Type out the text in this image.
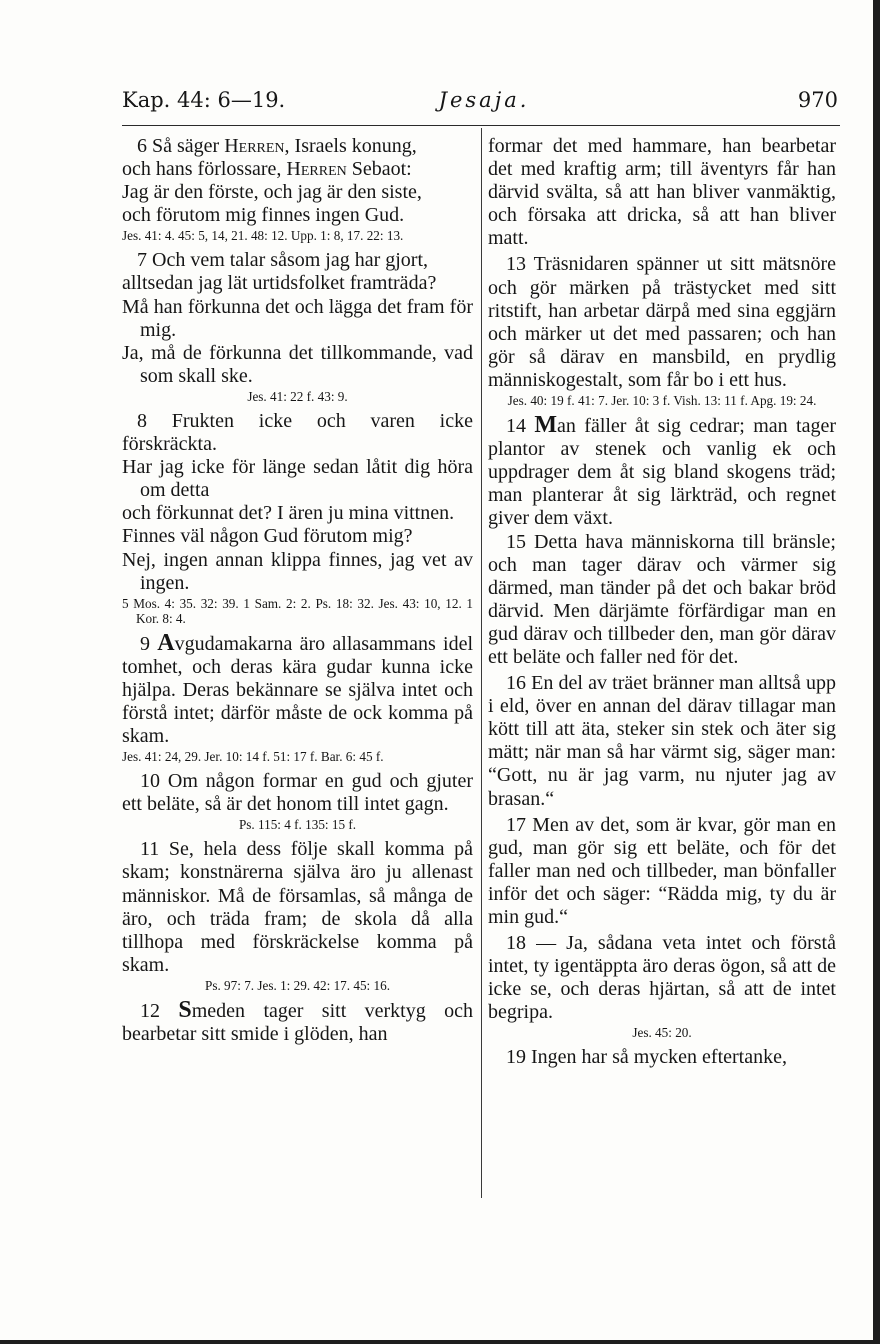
Kap. 44: 6—19.	Jesaja.	970
6 Så säger Herren, Israels konung,
och hans förlossare, Herren Sebaot:
Jag är den förste, och jag är den siste,
och förutom mig finnes ingen Gud.
Jes. 41: 4. 45: 5, 14, 21. 48: 12. Upp. 1: 8, 17. 22: 13.
7 Och vem talar såsom jag har gjort,
alltsedan jag lät urtidsfolket framträda?
Må han förkunna det och lägga det fram för mig.
Ja, må de förkunna det tillkommande, vad som skall ske.
Jes. 41: 22 f. 43: 9.
8 Frukten icke och varen icke förskräckta.
Har jag icke för länge sedan låtit dig höra om detta
och förkunnat det? I ären ju mina vittnen.
Finnes väl någon Gud förutom mig?
Nej, ingen annan klippa finnes, jag vet av ingen.
5 Mos. 4: 35. 32: 39. 1 Sam. 2: 2. Ps. 18: 32. Jes. 43: 10, 12. 1 Kor. 8: 4.

9 Avgudamakarna äro allasammans idel tomhet, och deras kära gudar kunna icke hjälpa. Deras bekännare se själva intet och förstå intet; därför måste de ock komma på skam.

Jes. 41: 24, 29. Jer. 10: 14 f. 51: 17 f. Bar. 6: 45 f.

10 Om någon formar en gud och gjuter ett beläte, så är det honom till intet gagn.

Ps. 115: 4 f. 135: 15 f.

11 Se, hela dess följe skall komma på skam; konstnärerna själva äro ju allenast människor. Må de församlas, så många de äro, och träda fram; de skola då alla tillhopa med förskräckelse komma på skam.

Ps. 97: 7. Jes. 1: 29. 42: 17. 45: 16.

12 Smeden tager sitt verktyg och bearbetar sitt smide i glöden, han

formar det med hammare, han bearbetar det med kraftig arm; till äventyrs får han därvid svälta, så att han bliver vanmäktig, och försaka att dricka, så att han bliver matt.

13 Träsnidaren spänner ut sitt mätsnöre och gör märken på trästycket med sitt ritstift, han arbetar därpå med sina eggjärn och märker ut det med passaren; och han gör så därav en mansbild, en prydlig människogestalt, som får bo i ett hus.

Jes. 40: 19 f. 41: 7. Jer. 10: 3 f. Vish. 13: 11 f. Apg. 19: 24.

14 Man fäller åt sig cedrar; man tager plantor av stenek och vanlig ek och uppdrager dem åt sig bland skogens träd; man planterar åt sig lärkträd, och regnet giver dem växt.

15 Detta hava människorna till bränsle; och man tager därav och värmer sig därmed, man tänder på det och bakar bröd därvid. Men därjämte förfärdigar man en gud därav och tillbeder den, man gör därav ett beläte och faller ned för det.

16 En del av träet bränner man alltså upp i eld, över en annan del därav tillagar man kött till att äta, steker sin stek och äter sig mätt; när man så har värmt sig, säger man: “Gott, nu är jag varm, nu njuter jag av brasan.“

17 Men av det, som är kvar, gör man en gud, man gör sig ett beläte, och för det faller man ned och tillbeder, man bönfaller inför det och säger: “Rädda mig, ty du är min gud.“

18 — Ja, sådana veta intet och förstå intet, ty igentäppta äro deras ögon, så att de icke se, och deras hjärtan, så att de intet begripa.

Jes. 45: 20.

19 Ingen har så mycken eftertanke,
